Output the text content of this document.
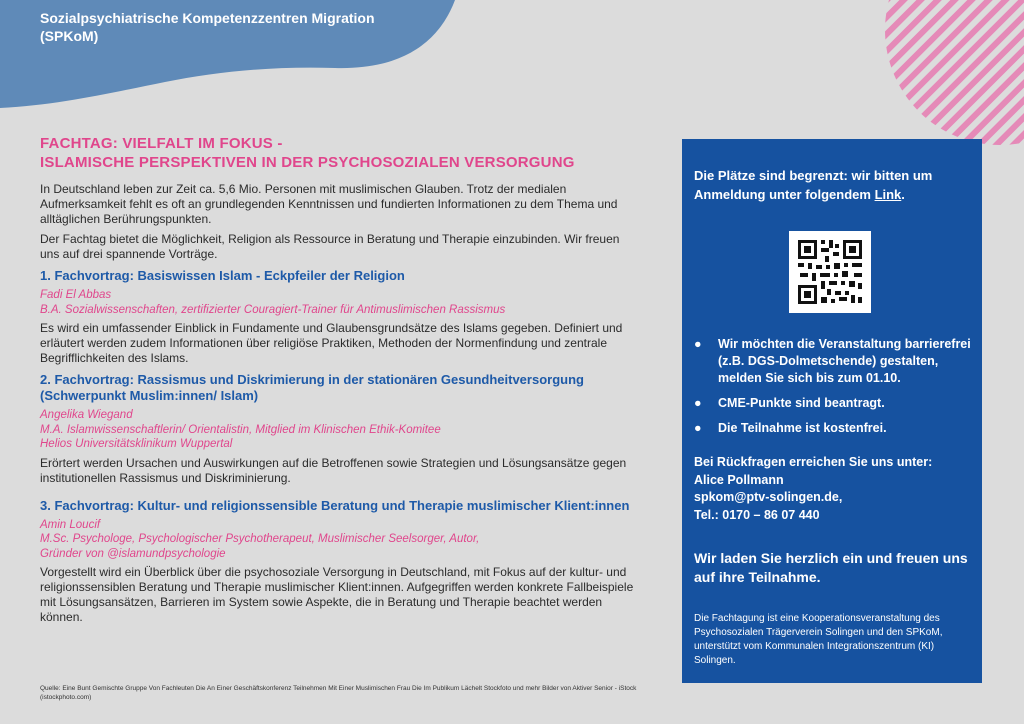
Sozialpsychiatrische Kompetenzzentren Migration
(SPKoM)
FACHTAG: VIELFALT IM FOKUS -
ISLAMISCHE PERSPEKTIVEN IN DER PSYCHOSOZIALEN VERSORGUNG

In Deutschland leben zur Zeit ca. 5,6 Mio. Personen mit muslimischen Glauben. Trotz der medialen Aufmerksamkeit fehlt es oft an grundlegenden Kenntnissen und fundierten Informationen zu dem Thema und alltäglichen Berührungspunkten.

Der Fachtag bietet die Möglichkeit, Religion als Ressource in Beratung und Therapie einzubinden. Wir freuen uns auf drei spannende Vorträge.

1. Fachvortrag: Basiswissen Islam - Eckpfeiler der Religion
Fadi El Abbas
B.A. Sozialwissenschaften, zertifizierter Couragiert-Trainer für Antimuslimischen Rassismus

Es wird ein umfassender Einblick in Fundamente und Glaubensgrundsätze des Islams gegeben. Definiert und erläutert werden zudem Informationen über religiöse Praktiken, Methoden der Normenfindung und zentrale Begrifflichkeiten des Islams.

2. Fachvortrag: Rassismus und Diskrimierung in der stationären Gesundheitversorgung (Schwerpunkt Muslim:innen/ Islam)
Angelika Wiegand
M.A. Islamwissenschaftlerin/ Orientalistin, Mitglied im Klinischen Ethik-Komitee
Helios Universitätsklinikum Wuppertal

Erörtert werden Ursachen und Auswirkungen auf die Betroffenen sowie Strategien und Lösungsansätze gegen institutionellen Rassismus und Diskriminierung.

3. Fachvortrag: Kultur- und religionssensible Beratung und Therapie muslimischer Klient:innen
Amin Loucif
M.Sc. Psychologe, Psychologischer Psychotherapeut, Muslimischer Seelsorger, Autor,
Gründer von @islamundpsychologie

Vorgestellt wird ein Überblick über die psychosoziale Versorgung in Deutschland, mit Fokus auf der kultur- und religionssensiblen Beratung und Therapie muslimischer Klient:innen. Aufgegriffen werden konkrete Fallbeispiele mit Lösungsansätzen, Barrieren im System sowie Aspekte, die in Beratung und Therapie beachtet werden können.

Quelle: Eine Bunt Gemischte Gruppe Von Fachleuten Die An Einer Geschäftskonferenz Teilnehmen Mit Einer Muslimischen Frau Die Im Publikum Lächelt Stockfoto und mehr Bilder von Aktiver Senior - iStock (istockphoto.com)
Die Plätze sind begrenzt: wir bitten um Anmeldung unter folgendem Link.
● Wir möchten die Veranstaltung barrierefrei (z.B. DGS-Dolmetschende) gestalten, melden Sie sich bis zum 01.10.
● CME-Punkte sind beantragt.
● Die Teilnahme ist kostenfrei.
Bei Rückfragen erreichen Sie uns unter:
Alice Pollmann
spkom@ptv-solingen.de,
Tel.: 0170 – 86 07 440
Wir laden Sie herzlich ein und freuen uns auf ihre Teilnahme.
Die Fachtagung ist eine Kooperationsveranstaltung des Psychosozialen Trägerverein Solingen und den SPKoM, unterstützt vom Kommunalen Integrationszentrum (KI) Solingen.
